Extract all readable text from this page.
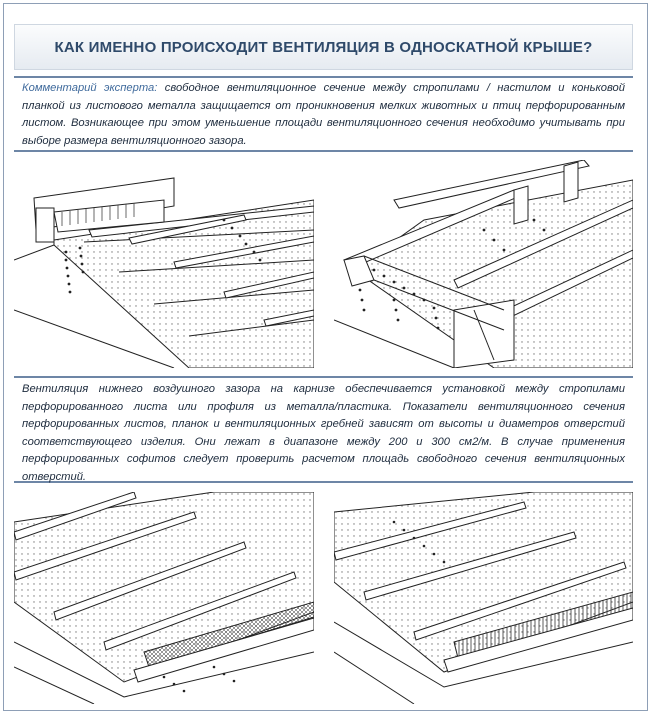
КАК ИМЕННО ПРОИСХОДИТ ВЕНТИЛЯЦИЯ В ОДНОСКАТНОЙ КРЫШЕ?
Комментарий эксперта: свободное вентиляционное сечение между стропилами / настилом и коньковой планкой из листового металла защищается от проникновения мелких животных и птиц перфорированным листом. Возникающее при этом уменьшение площади вентиляционного сечения необходимо учитывать при выборе размера вентиляционного зазора.
Вентиляция нижнего воздушного зазора на карнизе обеспечивается установкой между стропилами перфорированного листа или профиля из металла/пластика. Показатели вентиляционного сечения перфорированных листов, планок и вентиляционных гребней зависят от высоты и диаметров отверстий соответствующего изделия. Они лежат в диапазоне между 200 и 300 см2/м. В случае применения перфорированных софитов следует проверить расчетом площадь свободного сечения вентиляционных отверстий.
